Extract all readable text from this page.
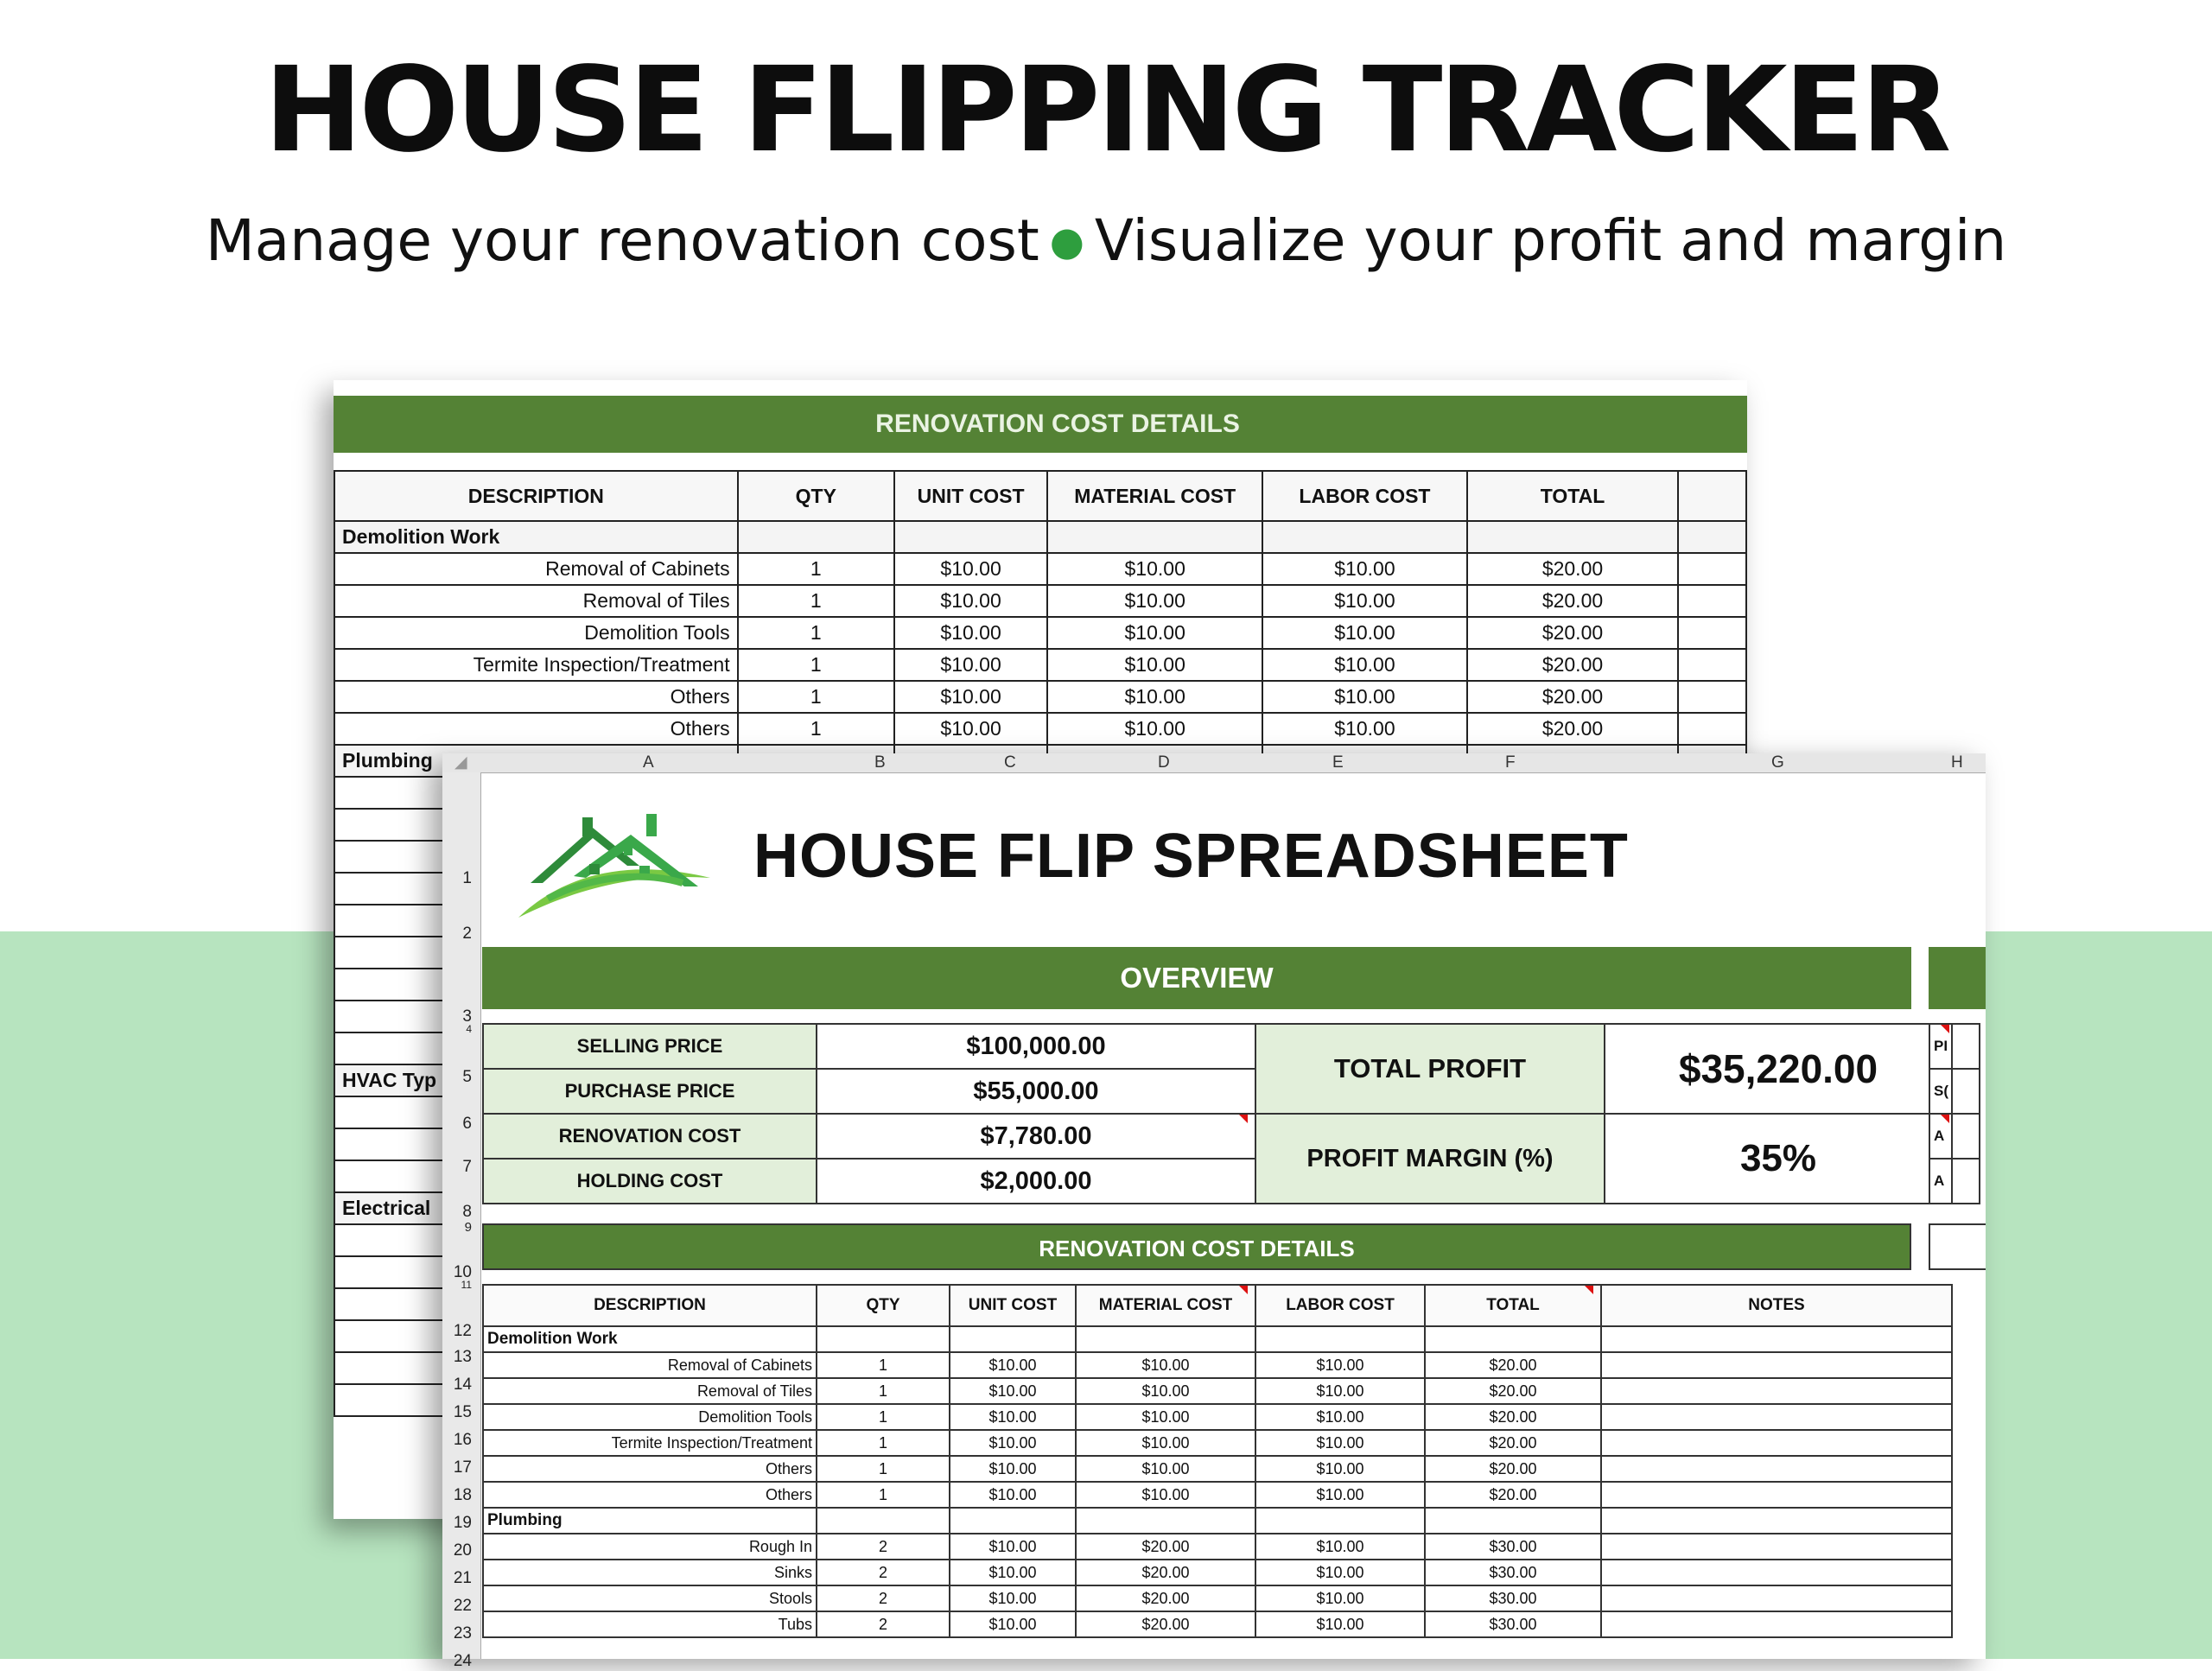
HOUSE FLIPPING TRACKER
Manage your renovation cost ● Visualize your profit and margin
RENOVATION COST DETAILS
DESCRIPTION	QTY	UNIT COST	MATERIAL COST	LABOR COST	TOTAL	
Demolition Work						
Removal of Cabinets	1	$10.00	$10.00	$10.00	$20.00	
Removal of Tiles	1	$10.00	$10.00	$10.00	$20.00	
Demolition Tools	1	$10.00	$10.00	$10.00	$20.00	
Termite Inspection/Treatment	1	$10.00	$10.00	$10.00	$20.00	
Others	1	$10.00	$10.00	$10.00	$20.00	
Others	1	$10.00	$10.00	$10.00	$20.00	
Plumbing						

HVAC Typ						

Electrical						

◢	A	B	C	D	E	F	G	H
1
2
3
4
5
6
7
8
9
10
11
12
13
14
15
16
17
18
19
20
21
22
23
24
HOUSE FLIP SPREADSHEET
OVERVIEW
SELLING PRICE	$100,000.00	TOTAL PROFIT	$35,220.00
PURCHASE PRICE	$55,000.00		
RENOVATION COST	$7,780.00	PROFIT MARGIN (%)	35%
HOLDING COST	$2,000.00		
PI
S(
A
A
RENOVATION COST DETAILS
DESCRIPTION	QTY	UNIT COST	MATERIAL COST	LABOR COST	TOTAL	NOTES
Demolition Work						
Removal of Cabinets	1	$10.00	$10.00	$10.00	$20.00	
Removal of Tiles	1	$10.00	$10.00	$10.00	$20.00	
Demolition Tools	1	$10.00	$10.00	$10.00	$20.00	
Termite Inspection/Treatment	1	$10.00	$10.00	$10.00	$20.00	
Others	1	$10.00	$10.00	$10.00	$20.00	
Others	1	$10.00	$10.00	$10.00	$20.00	
Plumbing						
Rough In	2	$10.00	$20.00	$10.00	$30.00	
Sinks	2	$10.00	$20.00	$10.00	$30.00	
Stools	2	$10.00	$20.00	$10.00	$30.00	
Tubs	2	$10.00	$20.00	$10.00	$30.00	
